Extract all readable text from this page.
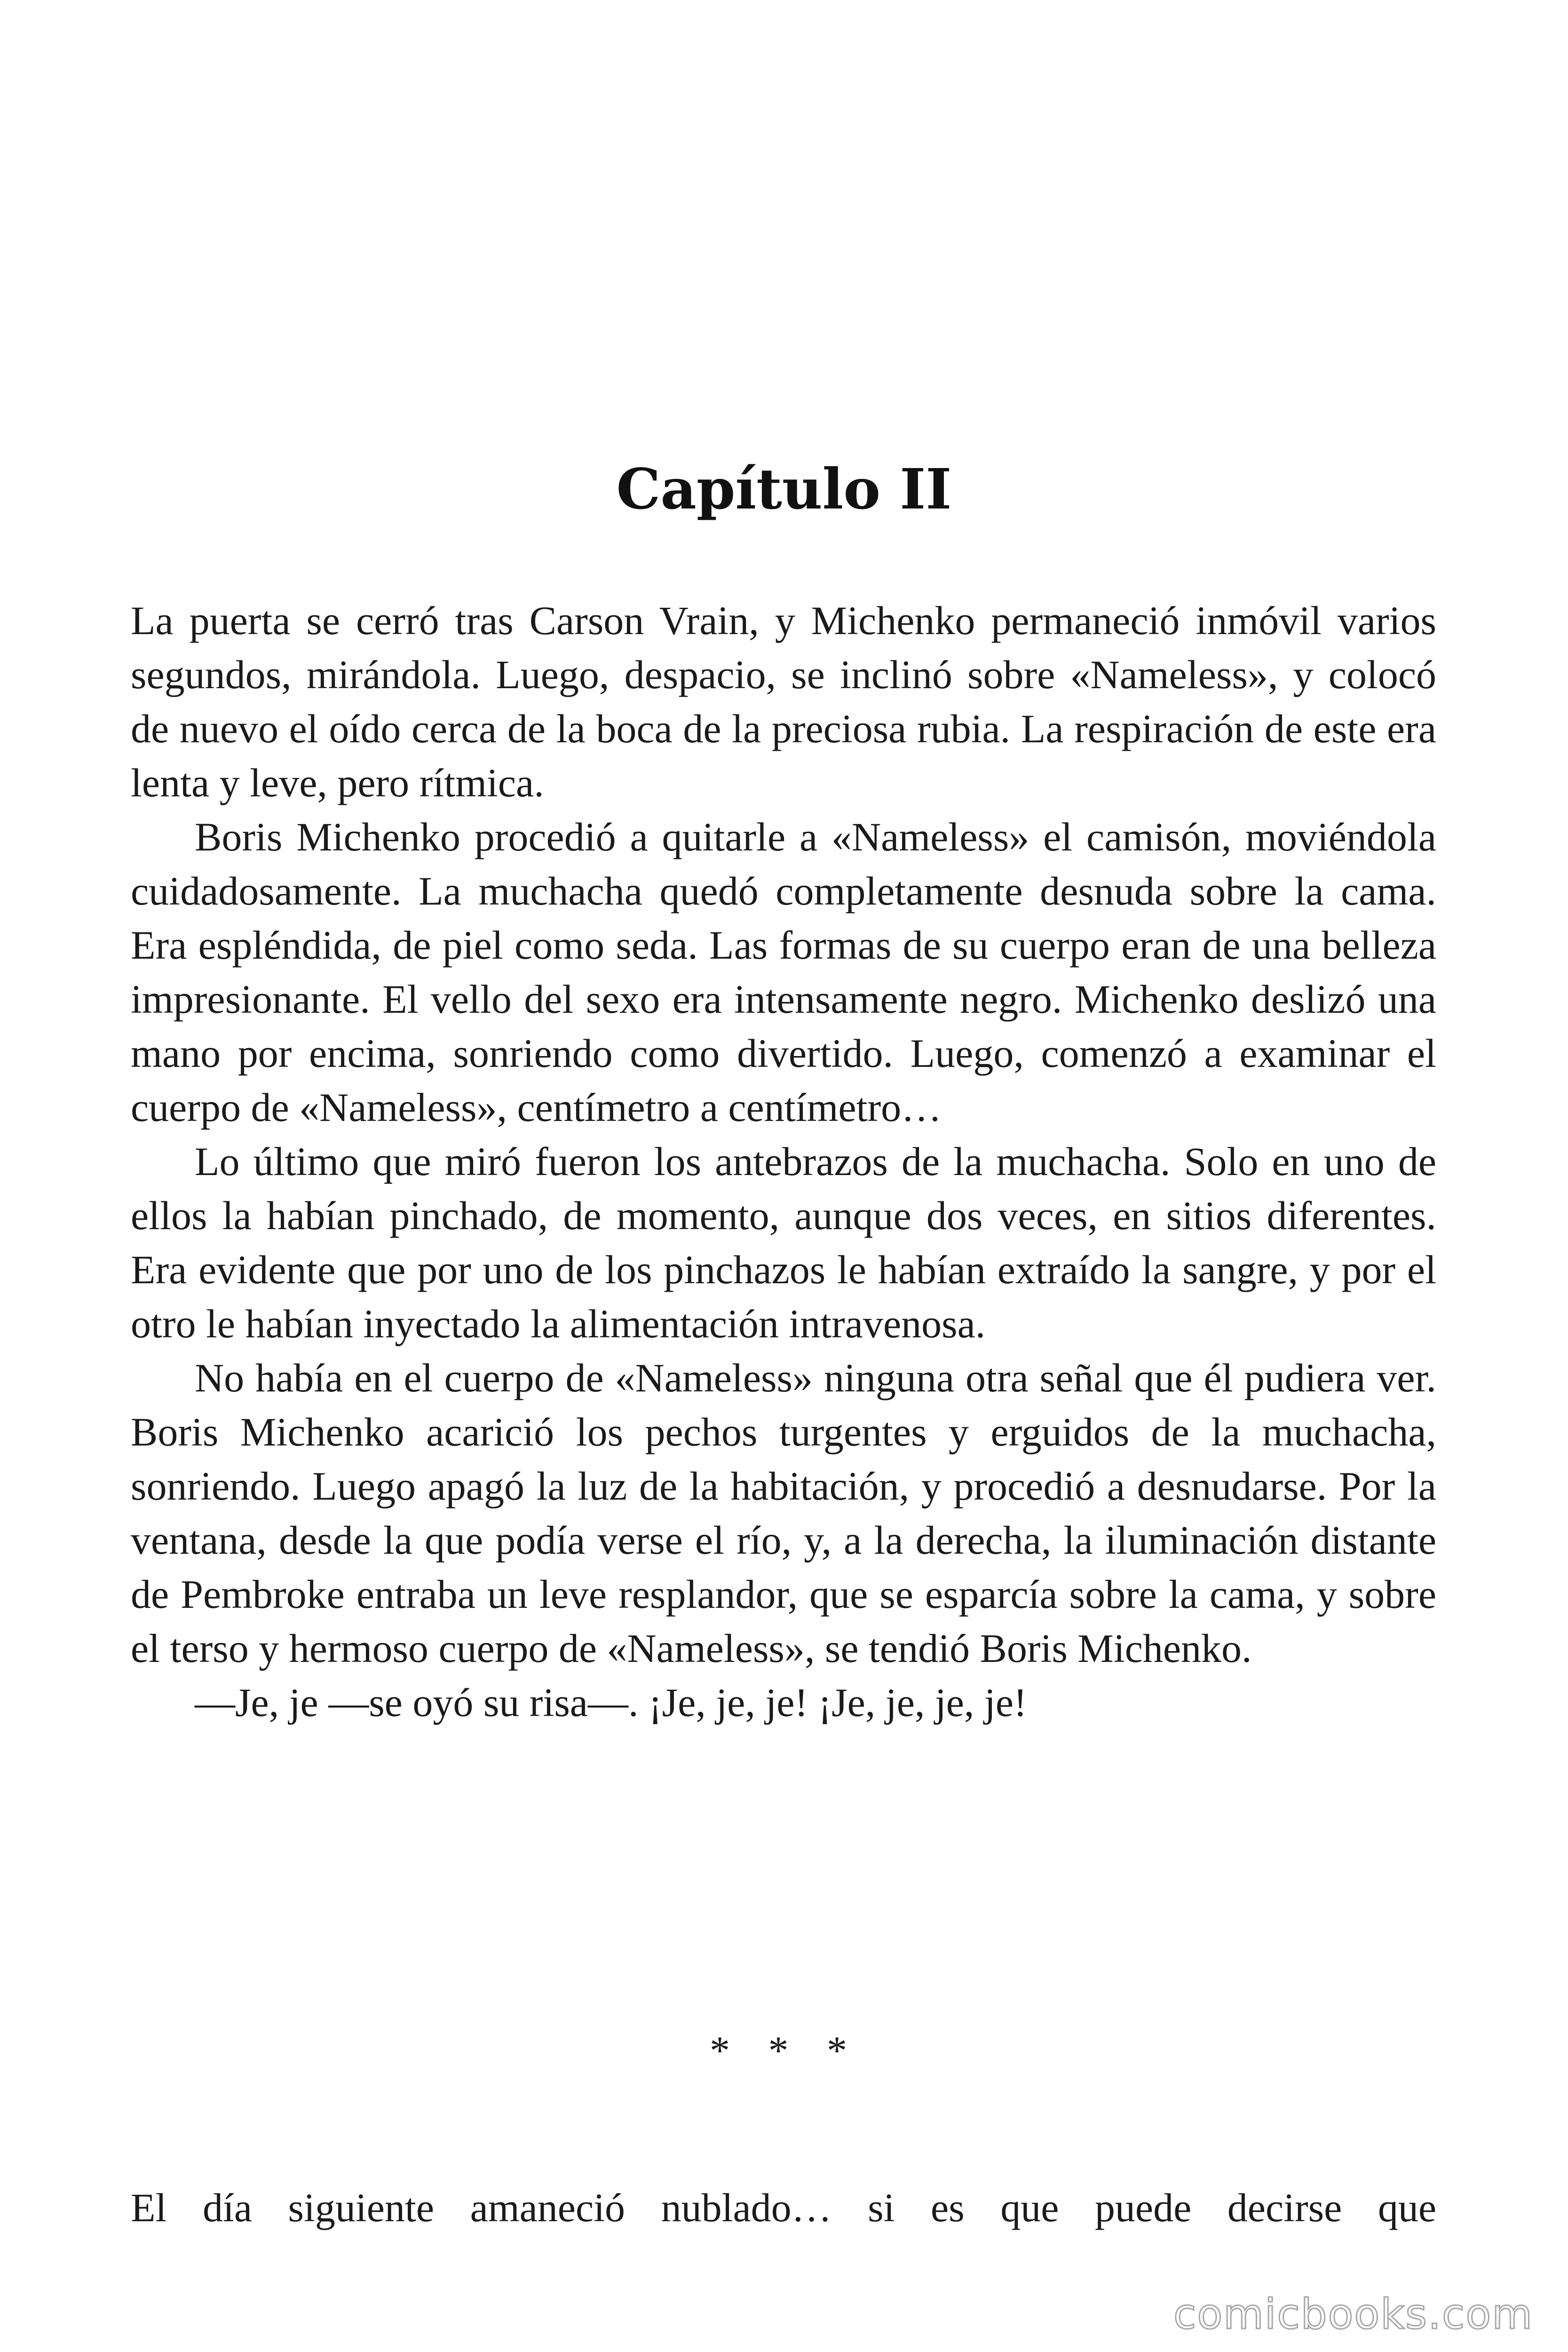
Capítulo II

La puerta se cerró tras Carson Vrain, y Michenko permaneció inmóvil varios segundos, mirándola. Luego, despacio, se inclinó sobre «Nameless», y colocó de nuevo el oído cerca de la boca de la preciosa rubia. La respiración de este era lenta y leve, pero rítmica.

Boris Michenko procedió a quitarle a «Nameless» el camisón, moviéndola cuidadosamente. La muchacha quedó completamente desnuda sobre la cama. Era espléndida, de piel como seda. Las formas de su cuerpo eran de una belleza impresionante. El vello del sexo era intensamente negro. Michenko deslizó una mano por encima, sonriendo como divertido. Luego, comenzó a examinar el cuerpo de «Nameless», centímetro a centímetro…

Lo último que miró fueron los antebrazos de la muchacha. Solo en uno de ellos la habían pinchado, de momento, aunque dos veces, en sitios diferentes. Era evidente que por uno de los pinchazos le habían extraído la sangre, y por el otro le habían inyectado la alimentación intravenosa.

No había en el cuerpo de «Nameless» ninguna otra señal que él pudiera ver. Boris Michenko acarició los pechos turgentes y erguidos de la muchacha, sonriendo. Luego apagó la luz de la habitación, y procedió a desnudarse. Por la ventana, desde la que podía verse el río, y, a la derecha, la iluminación distante de Pembroke entraba un leve resplandor, que se esparcía sobre la cama, y sobre el terso y hermoso cuerpo de «Nameless», se tendió Boris Michenko.

—Je, je —se oyó su risa—. ¡Je, je, je! ¡Je, je, je, je!

* * *

El día siguiente amaneció nublado… si es que puede decirse que

comicbooks.com
